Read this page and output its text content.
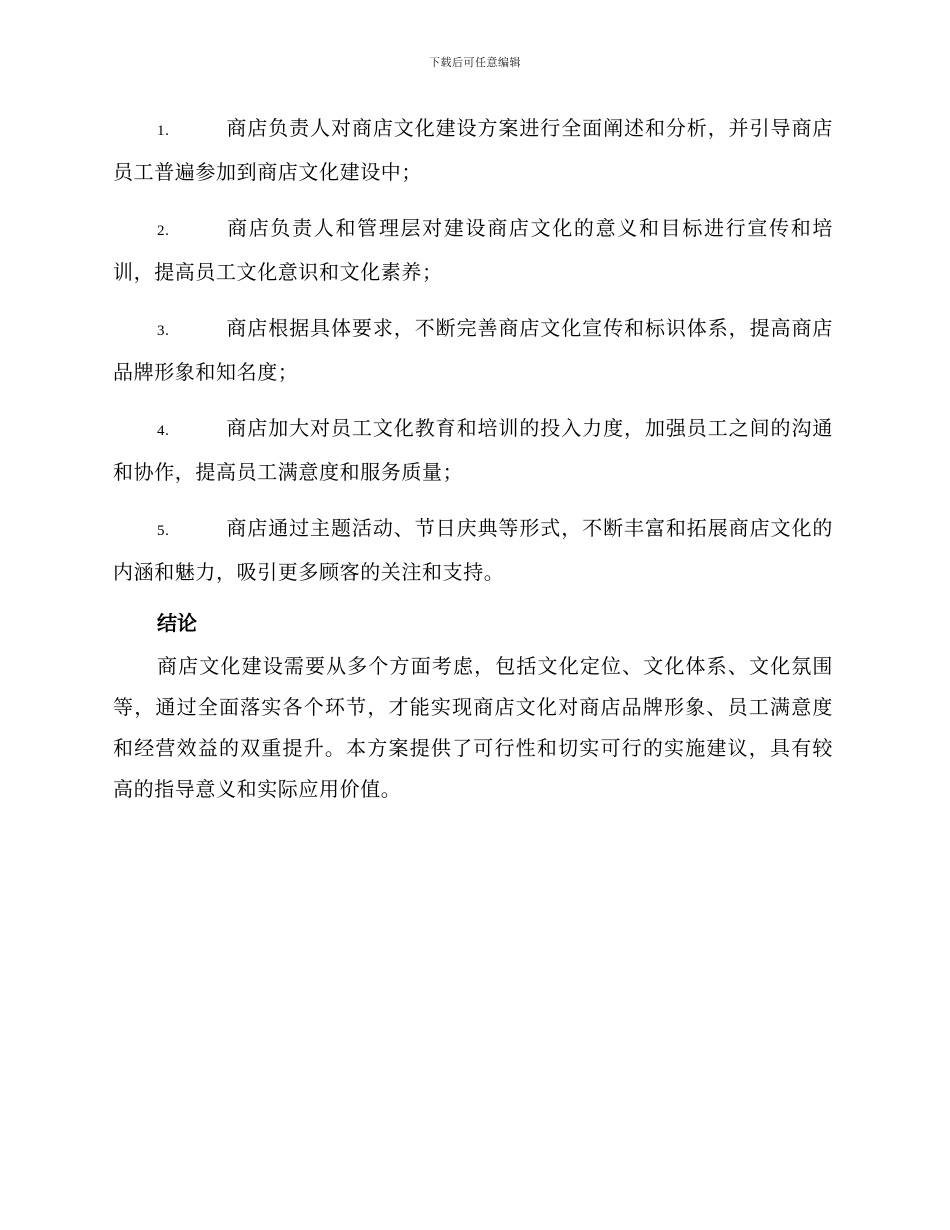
下载后可任意编辑
1.	商店负责人对商店文化建设方案进行全面阐述和分析，并引导商店员工普遍参加到商店文化建设中；
2.	商店负责人和管理层对建设商店文化的意义和目标进行宣传和培训，提高员工文化意识和文化素养；
3.	商店根据具体要求，不断完善商店文化宣传和标识体系，提高商店品牌形象和知名度；
4.	商店加大对员工文化教育和培训的投入力度，加强员工之间的沟通和协作，提高员工满意度和服务质量；
5.	商店通过主题活动、节日庆典等形式，不断丰富和拓展商店文化的内涵和魅力，吸引更多顾客的关注和支持。
结论

商店文化建设需要从多个方面考虑，包括文化定位、文化体系、文化氛围等，通过全面落实各个环节，才能实现商店文化对商店品牌形象、员工满意度和经营效益的双重提升。本方案提供了可行性和切实可行的实施建议，具有较高的指导意义和实际应用价值。
